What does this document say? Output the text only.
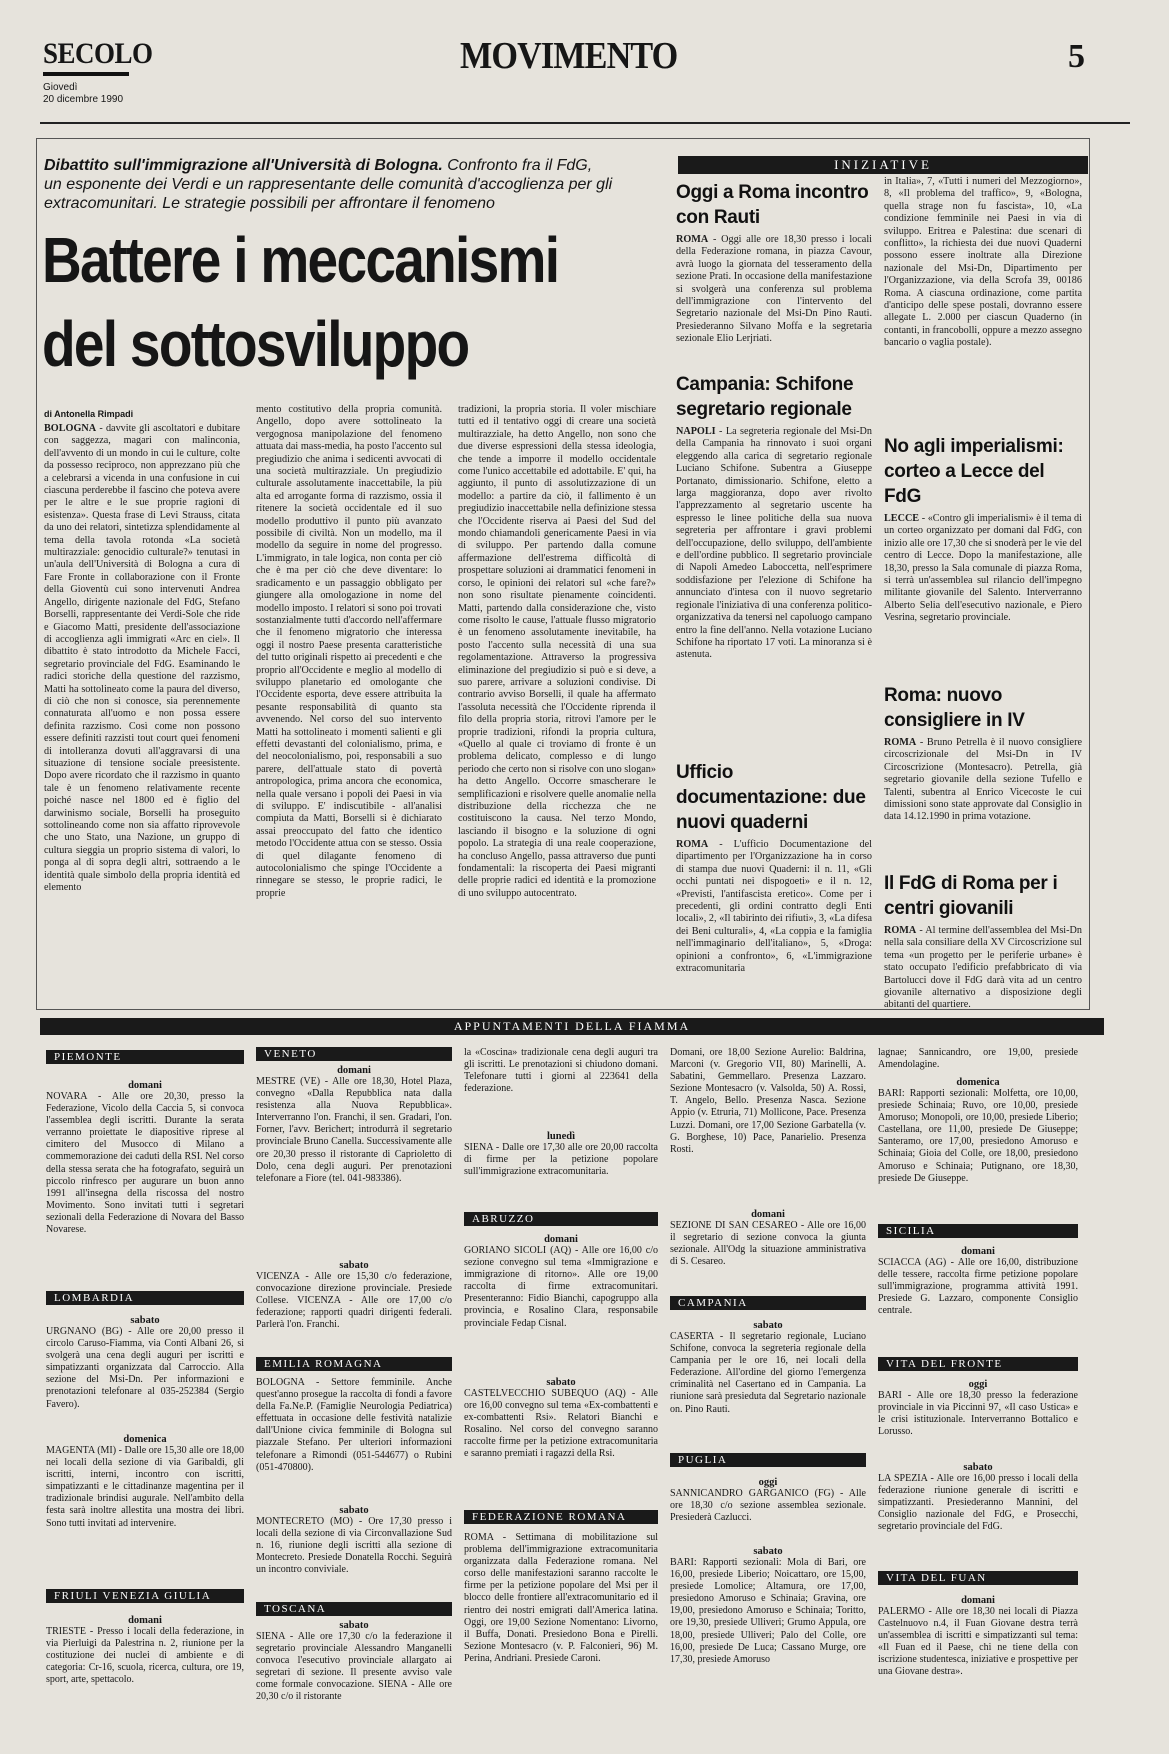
SECOLO
Giovedì
20 dicembre 1990
MOVIMENTO	5
Dibattito sull'immigrazione all'Università di Bologna. Confronto fra il FdG, un esponente dei Verdi e un rappresentante delle comunità d'accoglienza per gli extracomunitari. Le strategie possibili per affrontare il fenomeno
Battere i meccanismi del sottosviluppo
di Antonella Rimpadi
BOLOGNA - davvite gli ascoltatori e dubitare con saggezza, magari con malinconia, dell'avvento di un mondo in cui le culture, colte da possesso reciproco, non apprezzano più che a celebrarsi a vicenda in una confusione in cui ciascuna perderebbe il fascino che poteva avere per le altre e le sue proprie ragioni di esistenza». Questa frase di Levi Strauss, citata da uno dei relatori, sintetizza splendidamente al tema della tavola rotonda «La società multirazziale: genocidio culturale?» tenutasi in un'aula dell'Università di Bologna a cura di Fare Fronte in collaborazione con il Fronte della Gioventù cui sono intervenuti Andrea Angello, dirigente nazionale del FdG, Stefano Borselli, rappresentante dei Verdi-Sole che ride e Giacomo Matti, presidente dell'associazione di accoglienza agli immigrati «Arc en ciel». Il dibattito è stato introdotto da Michele Facci, segretario provinciale del FdG. Esaminando le radici storiche della questione del razzismo, Matti ha sottolineato come la paura del diverso, di ciò che non si conosce, sia perennemente connaturata all'uomo e non possa essere definita razzismo. Così come non possono essere definiti razzisti tout court quei fenomeni di intolleranza dovuti all'aggravarsi di una situazione di tensione sociale preesistente. Dopo avere ricordato che il razzismo in quanto tale è un fenomeno relativamente recente poiché nasce nel 1800 ed è figlio del darwinismo sociale, Borselli ha proseguito sottolineando come non sia affatto riprovevole che uno Stato, una Nazione, un gruppo di cultura sieggia un proprio sistema di valori, lo ponga al di sopra degli altri, sottraendo a le identità quale simbolo della propria identità ed elemento
mento costitutivo della propria comunità. Angello, dopo avere sottolineato la vergognosa manipolazione del fenomeno attuata dai mass-media, ha posto l'accento sul pregiudizio che anima i sedicenti avvocati di una società multirazziale. Un pregiudizio culturale assolutamente inaccettabile, la più alta ed arrogante forma di razzismo, ossia il ritenere la società occidentale ed il suo modello produttivo il punto più avanzato possibile di civiltà. Non un modello, ma il modello da seguire in nome del progresso. L'immigrato, in tale logica, non conta per ciò che è ma per ciò che deve diventare: lo sradicamento e un passaggio obbligato per giungere alla omologazione in nome del modello imposto. I relatori si sono poi trovati sostanzialmente tutti d'accordo nell'affermare che il fenomeno migratorio che interessa oggi il nostro Paese presenta caratteristiche del tutto originali rispetto ai precedenti e che proprio all'Occidente e meglio al modello di sviluppo planetario ed omologante che l'Occidente esporta, deve essere attribuita la pesante responsabilità di quanto sta avvenendo. Nel corso del suo intervento Matti ha sottolineato i momenti salienti e gli effetti devastanti del colonialismo, prima, e del neocolonialismo, poi, responsabili a suo parere, dell'attuale stato di povertà antropologica, prima ancora che economica, nella quale versano i popoli dei Paesi in via di sviluppo. E' indiscutibile - all'analisi compiuta da Matti, Borselli si è dichiarato assai preoccupato del fatto che identico metodo l'Occidente attua con se stesso. Ossia di quel dilagante fenomeno di autocolonialismo che spinge l'Occidente a rinnegare se stesso, le proprie radici, le proprie
tradizioni, la propria storia. Il voler mischiare tutti ed il tentativo oggi di creare una società multirazziale, ha detto Angello, non sono che due diverse espressioni della stessa ideologia, che tende a imporre il modello occidentale come l'unico accettabile ed adottabile. E' qui, ha aggiunto, il punto di assolutizzazione di un modello: a partire da ciò, il fallimento è un pregiudizio inaccettabile nella definizione stessa che l'Occidente riserva ai Paesi del Sud del mondo chiamandoli genericamente Paesi in via di sviluppo. Per partendo dalla comune affermazione dell'estrema difficoltà di prospettare soluzioni ai drammatici fenomeni in corso, le opinioni dei relatori sul «che fare?» non sono risultate pienamente coincidenti. Matti, partendo dalla considerazione che, visto come risolto le cause, l'attuale flusso migratorio è un fenomeno assolutamente inevitabile, ha posto l'accento sulla necessità di una sua regolamentazione. Attraverso la progressiva eliminazione del pregiudizio si può e si deve, a suo parere, arrivare a soluzioni condivise. Di contrario avviso Borselli, il quale ha affermato l'assoluta necessità che l'Occidente riprenda il filo della propria storia, ritrovi l'amore per le proprie tradizioni, rifondi la propria cultura, «Quello al quale ci troviamo di fronte è un problema delicato, complesso e di lungo periodo che certo non si risolve con uno slogan» ha detto Angello. Occorre smascherare le semplificazioni e risolvere quelle anomalie nella distribuzione della ricchezza che ne costituiscono la causa. Nel terzo Mondo, lasciando il bisogno e la soluzione di ogni popolo. La strategia di una reale cooperazione, ha concluso Angello, passa attraverso due punti fondamentali: la riscoperta dei Paesi migranti delle proprie radici ed identità e la promozione di uno sviluppo autocentrato.
INIZIATIVE
Oggi a Roma incontro con Rauti
ROMA - Oggi alle ore 18,30 presso i locali della Federazione romana, in piazza Cavour, avrà luogo la giornata del tesseramento della sezione Prati. In occasione della manifestazione si svolgerà una conferenza sul problema dell'immigrazione con l'intervento del Segretario nazionale del Msi-Dn Pino Rauti. Presiederanno Silvano Moffa e la segretaria sezionale Elio Lerjriati.
Campania: Schifone segretario regionale
NAPOLI - La segreteria regionale del Msi-Dn della Campania ha rinnovato i suoi organi eleggendo alla carica di segretario regionale Luciano Schifone. Subentra a Giuseppe Portanato, dimissionario. Schifone, eletto a larga maggioranza, dopo aver rivolto l'apprezzamento al segretario uscente ha espresso le linee politiche della sua nuova segreteria per affrontare i gravi problemi dell'occupazione, dello sviluppo, dell'ambiente e dell'ordine pubblico. Il segretario provinciale di Napoli Amedeo Laboccetta, nell'esprimere soddisfazione per l'elezione di Schifone ha annunciato d'intesa con il nuovo segretario regionale l'iniziativa di una conferenza politico-organizzativa da tenersi nel capoluogo campano entro la fine dell'anno. Nella votazione Luciano Schifone ha riportato 17 voti. La minoranza si è astenuta.
Ufficio documentazione: due nuovi quaderni
ROMA - L'ufficio Documentazione del dipartimento per l'Organizzazione ha in corso di stampa due nuovi Quaderni: il n. 11, «Gli occhi puntati nei dispogoeti» e il n. 12, «Previsti, l'antifascista eretico». Come per i precedenti, gli ordini contratto degli Enti locali», 2, «Il tabirinto dei rifiuti», 3, «La difesa dei Beni culturali», 4, «La coppia e la famiglia nell'immaginario dell'italiano», 5, «Droga: opinioni a confronto», 6, «L'immigrazione extracomunitaria
in Italia», 7, «Tutti i numeri del Mezzogiorno», 8, «Il problema del traffico», 9, «Bologna, quella strage non fu fascista», 10, «La condizione femminile nei Paesi in via di sviluppo. Eritrea e Palestina: due scenari di conflitto», la richiesta dei due nuovi Quaderni possono essere inoltrate alla Direzione nazionale del Msi-Dn, Dipartimento per l'Organizzazione, via della Scrofa 39, 00186 Roma. A ciascuna ordinazione, come partita d'anticipo delle spese postali, dovranno essere allegate L. 2.000 per ciascun Quaderno (in contanti, in francobolli, oppure a mezzo assegno bancario o vaglia postale).
No agli imperialismi: corteo a Lecce del FdG
LECCE - «Contro gli imperialismi» è il tema di un corteo organizzato per domani dal FdG, con inizio alle ore 17,30 che si snoderà per le vie del centro di Lecce. Dopo la manifestazione, alle 18,30, presso la Sala comunale di piazza Roma, si terrà un'assemblea sul rilancio dell'impegno militante giovanile del Salento. Interverranno Alberto Selia dell'esecutivo nazionale, e Piero Vesrina, segretario provinciale.
Roma: nuovo consigliere in IV
ROMA - Bruno Petrella è il nuovo consigliere circoscrizionale del Msi-Dn in IV Circoscrizione (Montesacro). Petrella, già segretario giovanile della sezione Tufello e Talenti, subentra al Enrico Vicecoste le cui dimissioni sono state approvate dal Consiglio in data 14.12.1990 in prima votazione.
Il FdG di Roma per i centri giovanili
ROMA - Al termine dell'assemblea del Msi-Dn nella sala consiliare della XV Circoscrizione sul tema «un progetto per le periferie urbane» è stato occupato l'edificio prefabbricato di via Bartolucci dove il FdG darà vita ad un centro giovanile alternativo a disposizione degli abitanti del quartiere.
APPUNTAMENTI DELLA FIAMMA
PIEMONTE
domani
NOVARA - Alle ore 20,30, presso la Federazione, Vicolo della Caccia 5, si convoca l'assemblea degli iscritti. Durante la serata verranno proiettate le diapositive riprese al cimitero del Musocco di Milano a commemorazione dei caduti della RSI. Nel corso della stessa serata che ha fotografato, seguirà un piccolo rinfresco per augurare un buon anno 1991 all'insegna della riscossa del nostro Movimento. Sono invitati tutti i segretari sezionali della Federazione di Novara del Basso Novarese.
LOMBARDIA
sabato
URGNANO (BG) - Alle ore 20,00 presso il circolo Caruso-Fiamma, via Conti Albani 26, si svolgerà una cena degli auguri per iscritti e simpatizzanti organizzata dal Carroccio. Alla sezione del Msi-Dn. Per informazioni e prenotazioni telefonare al 035-252384 (Sergio Favero).
domenica
MAGENTA (MI) - Dalle ore 15,30 alle ore 18,00 nei locali della sezione di via Garibaldi, gli iscritti, interni, incontro con iscritti, simpatizzanti e le cittadinanze magentina per il tradizionale brindisi augurale. Nell'ambito della festa sarà inoltre allestita una mostra dei libri. Sono tutti invitati ad intervenire.
FRIULI VENEZIA GIULIA
domani
TRIESTE - Presso i locali della federazione, in via Pierluigi da Palestrina n. 2, riunione per la costituzione dei nuclei di ambiente e di categoria: Cr-16, scuola, ricerca, cultura, ore 19, sport, arte, spettacolo.
VENETO
domani
MESTRE (VE) - Alle ore 18,30, Hotel Plaza, convegno «Dalla Repubblica nata dalla resistenza alla Nuova Repubblica». Interverranno l'on. Franchi, il sen. Gradari, l'on. Forner, l'avv. Berichert; introdurrà il segretario provinciale Bruno Canella. Successivamente alle ore 20,30 presso il ristorante di Caprioletto di Dolo, cena degli auguri. Per prenotazioni telefonare a Fiore (tel. 041-983386).
sabato
VICENZA - Alle ore 15,30 c/o federazione, convocazione direzione provinciale. Presiede Collese. VICENZA - Alle ore 17,00 c/o federazione; rapporti quadri dirigenti federali. Parlerà l'on. Franchi.
EMILIA ROMAGNA
BOLOGNA - Settore femminile. Anche quest'anno prosegue la raccolta di fondi a favore della Fa.Ne.P. (Famiglie Neurologia Pediatrica) effettuata in occasione delle festività natalizie dall'Unione civica femminile di Bologna sul piazzale Stefano. Per ulteriori informazioni telefonare a Rimondi (051-544677) o Rubini (051-470800).
sabato
MONTECRETO (MO) - Ore 17,30 presso i locali della sezione di via Circonvallazione Sud n. 16, riunione degli iscritti alla sezione di Montecreto. Presiede Donatella Rocchi. Seguirà un incontro conviviale.
TOSCANA
sabato
SIENA - Alle ore 17,30 c/o la federazione il segretario provinciale Alessandro Manganelli convoca l'esecutivo provinciale allargato ai segretari di sezione. Il presente avviso vale come formale convocazione. SIENA - Alle ore 20,30 c/o il ristorante
la «Coscina» tradizionale cena degli auguri tra gli iscritti. Le prenotazioni si chiudono domani. Telefonare tutti i giorni al 223641 della federazione.
lunedì
SIENA - Dalle ore 17,30 alle ore 20,00 raccolta di firme per la petizione popolare sull'immigrazione extracomunitaria.
ABRUZZO
domani
GORIANO SICOLI (AQ) - Alle ore 16,00 c/o sezione convegno sul tema «Immigrazione e immigrazione di ritorno». Alle ore 19,00 raccolta di firme extracomunitari. Presenteranno: Fidio Bianchi, capogruppo alla provincia, e Rosalino Clara, responsabile provinciale Fedap Cisnal.
sabato
CASTELVECCHIO SUBEQUO (AQ) - Alle ore 16,00 convegno sul tema «Ex-combattenti e ex-combattenti Rsi». Relatori Bianchi e Rosalino. Nel corso del convegno saranno raccolte firme per la petizione extracomunitaria e saranno premiati i ragazzi della Rsi.
FEDERAZIONE ROMANA
ROMA - Settimana di mobilitazione sul problema dell'immigrazione extracomunitaria organizzata dalla Federazione romana. Nel corso delle manifestazioni saranno raccolte le firme per la petizione popolare del Msi per il blocco delle frontiere all'extracomunitario ed il rientro dei nostri emigrati dall'America latina. Oggi, ore 19,00 Sezione Nomentano: Livorno, il Buffa, Donati. Presiedono Bona e Pirelli. Sezione Montesacro (v. P. Falconieri, 96) M. Perina, Andriani. Presiede Caroni.
Domani, ore 18,00 Sezione Aurelio: Baldrina, Marconi (v. Gregorio VII, 80) Marinelli, A. Sabatini, Gemmellaro. Presenza Lazzaro. Sezione Montesacro (v. Valsolda, 50) A. Rossi, T. Angelo, Bello. Presenza Nasca. Sezione Appio (v. Etruria, 71) Mollicone, Pace. Presenza Luzzi. Domani, ore 17,00 Sezione Garbatella (v. G. Borghese, 10) Pace, Panarielio. Presenza Rosti.
domani
SEZIONE DI SAN CESAREO - Alle ore 16,00 il segretario di sezione convoca la giunta sezionale. All'Odg la situazione amministrativa di S. Cesareo.
CAMPANIA
sabato
CASERTA - Il segretario regionale, Luciano Schifone, convoca la segreteria regionale della Campania per le ore 16, nei locali della Federazione. All'ordine del giorno l'emergenza criminalità nel Casertano ed in Campania. La riunione sarà presieduta dal Segretario nazionale on. Pino Rauti.
PUGLIA
oggi
SANNICANDRO GARGANICO (FG) - Alle ore 18,30 c/o sezione assemblea sezionale. Presiederà Cazlucci.
sabato
BARI: Rapporti sezionali: Mola di Bari, ore 16,00, presiede Liberio; Noicattaro, ore 15,00, presiede Lomolice; Altamura, ore 17,00, presiedono Amoruso e Schinaia; Gravina, ore 19,00, presiedono Amoruso e Schinaia; Toritto, ore 19,30, presiede Ulliveri; Grumo Appula, ore 18,00, presiede Ulliveri; Palo del Colle, ore 16,00, presiede De Luca; Cassano Murge, ore 17,30, presiede Amoruso
lagnae; Sannicandro, ore 19,00, presiede Amendolagine.
domenica
BARI: Rapporti sezionali: Molfetta, ore 10,00, presiede Schinaia; Ruvo, ore 10,00, presiede Amoruso; Monopoli, ore 10,00, presiede Liberio; Castellana, ore 11,00, presiede De Giuseppe; Santeramo, ore 17,00, presiedono Amoruso e Schinaia; Gioia del Colle, ore 18,00, presiedono Amoruso e Schinaia; Putignano, ore 18,30, presiede De Giuseppe.
SICILIA
domani
SCIACCA (AG) - Alle ore 16,00, distribuzione delle tessere, raccolta firme petizione popolare sull'immigrazione, programma attività 1991. Presiede G. Lazzaro, componente Consiglio centrale.
VITA DEL FRONTE
oggi
BARI - Alle ore 18,30 presso la federazione provinciale in via Piccinni 97, «Il caso Ustica» e le crisi istituzionale. Interverranno Bottalico e Lorusso.
sabato
LA SPEZIA - Alle ore 16,00 presso i locali della federazione riunione generale di iscritti e simpatizzanti. Presiederanno Mannini, del Consiglio nazionale del FdG, e Prosecchi, segretario provinciale del FdG.
VITA DEL FUAN
domani
PALERMO - Alle ore 18,30 nei locali di Piazza Castelnuovo n.4, il Fuan Giovane destra terrà un'assemblea di iscritti e simpatizzanti sul tema: «Il Fuan ed il Paese, chi ne tiene della con iscrizione studentesca, iniziative e prospettive per una Giovane destra».
